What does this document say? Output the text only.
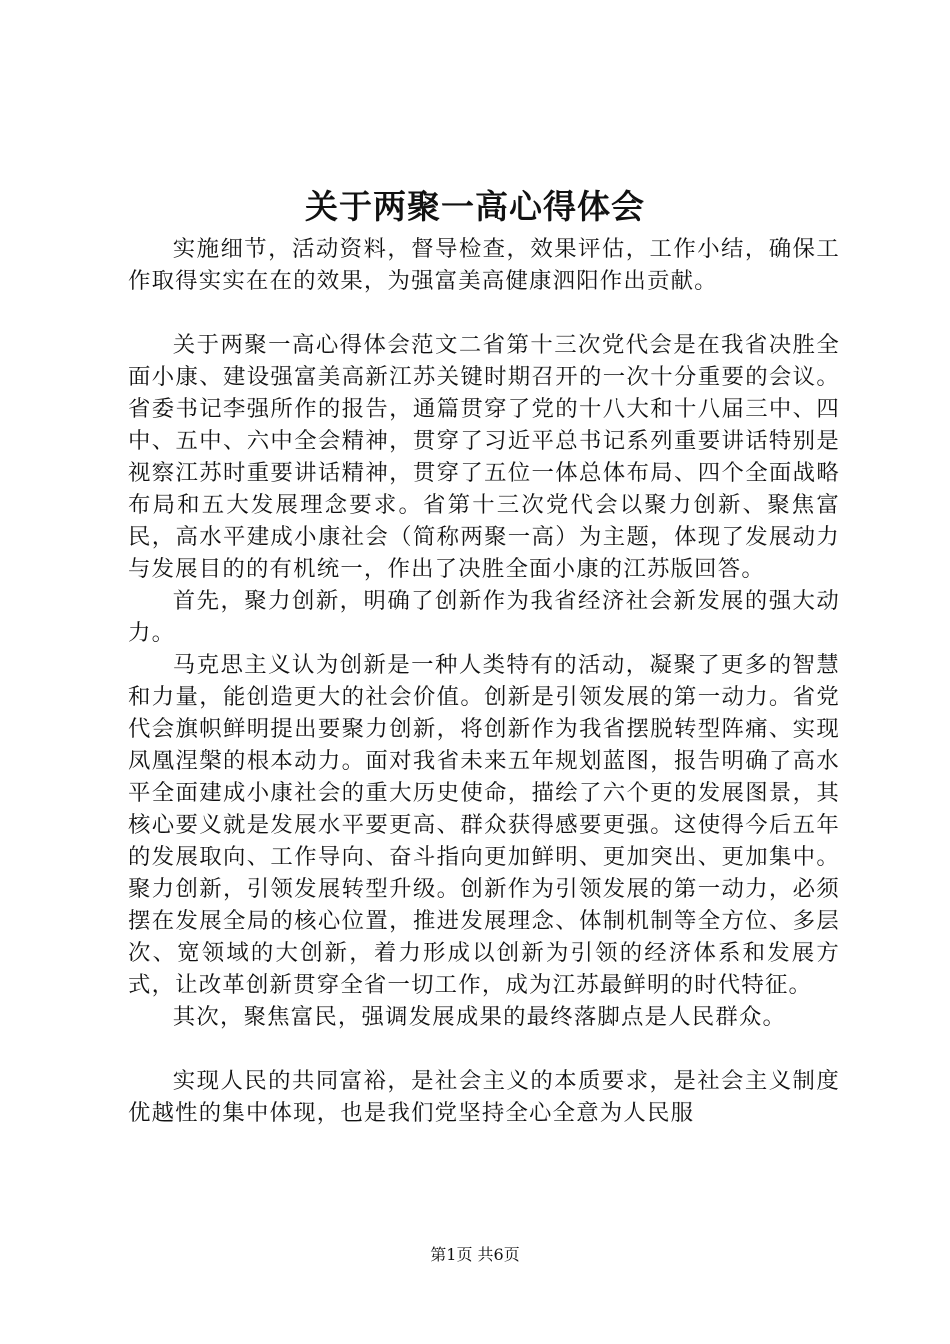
关于两聚一高心得体会

实施细节，活动资料，督导检查，效果评估，工作小结，确保工作取得实实在在的效果，为强富美高健康泗阳作出贡献。

关于两聚一高心得体会范文二省第十三次党代会是在我省决胜全面小康、建设强富美高新江苏关键时期召开的一次十分重要的会议。省委书记李强所作的报告，通篇贯穿了党的十八大和十八届三中、四中、五中、六中全会精神，贯穿了习近平总书记系列重要讲话特别是视察江苏时重要讲话精神，贯穿了五位一体总体布局、四个全面战略布局和五大发展理念要求。省第十三次党代会以聚力创新、聚焦富民，高水平建成小康社会（简称两聚一高）为主题，体现了发展动力与发展目的的有机统一，作出了决胜全面小康的江苏版回答。

首先，聚力创新，明确了创新作为我省经济社会新发展的强大动力。

马克思主义认为创新是一种人类特有的活动，凝聚了更多的智慧和力量，能创造更大的社会价值。创新是引领发展的第一动力。省党代会旗帜鲜明提出要聚力创新，将创新作为我省摆脱转型阵痛、实现凤凰涅槃的根本动力。面对我省未来五年规划蓝图，报告明确了高水平全面建成小康社会的重大历史使命，描绘了六个更的发展图景，其核心要义就是发展水平要更高、群众获得感要更强。这使得今后五年的发展取向、工作导向、奋斗指向更加鲜明、更加突出、更加集中。聚力创新，引领发展转型升级。创新作为引领发展的第一动力，必须摆在发展全局的核心位置，推进发展理念、体制机制等全方位、多层次、宽领域的大创新，着力形成以创新为引领的经济体系和发展方式，让改革创新贯穿全省一切工作，成为江苏最鲜明的时代特征。

其次，聚焦富民，强调发展成果的最终落脚点是人民群众。

实现人民的共同富裕，是社会主义的本质要求，是社会主义制度优越性的集中体现，也是我们党坚持全心全意为人民服

第1页 共6页
